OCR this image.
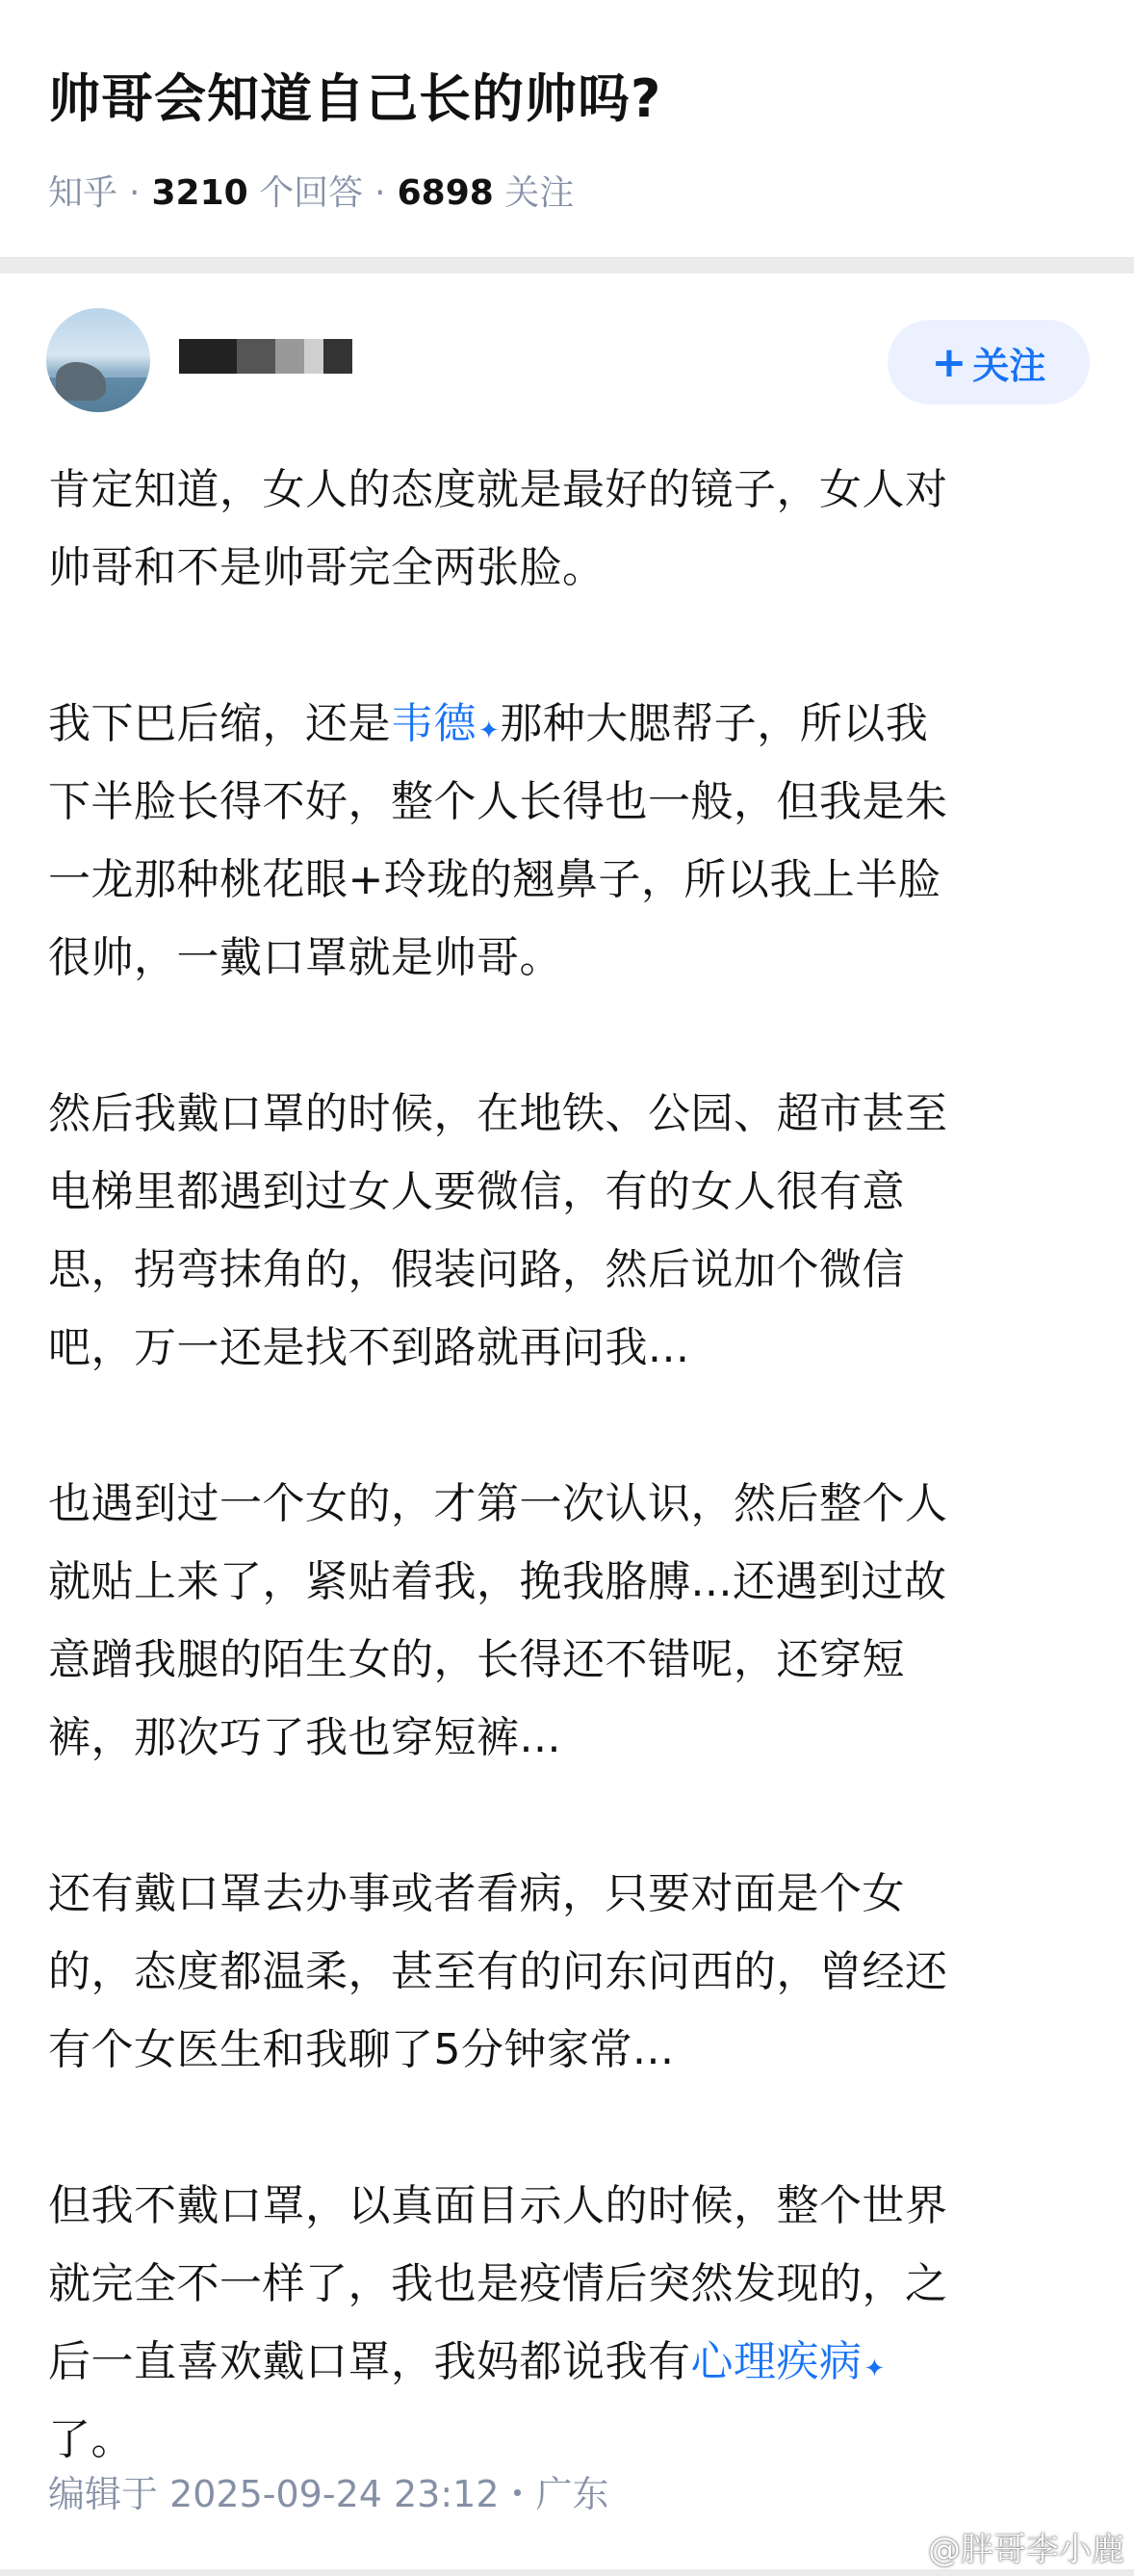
帅哥会知道自己长的帅吗?
知乎 · 3210 个回答 · 6898 关注
+ 关注
肯定知道，女人的态度就是最好的镜子，女人对
帅哥和不是帅哥完全两张脸。
我下巴后缩，还是韦德✦那种大腮帮子，所以我
下半脸长得不好，整个人长得也一般，但我是朱
一龙那种桃花眼+玲珑的翘鼻子，所以我上半脸
很帅，一戴口罩就是帅哥。
然后我戴口罩的时候，在地铁、公园、超市甚至
电梯里都遇到过女人要微信，有的女人很有意
思，拐弯抹角的，假装问路，然后说加个微信
吧，万一还是找不到路就再问我...
也遇到过一个女的，才第一次认识，然后整个人
就贴上来了，紧贴着我，挽我胳膊...还遇到过故
意蹭我腿的陌生女的，长得还不错呢，还穿短
裤，那次巧了我也穿短裤...
还有戴口罩去办事或者看病，只要对面是个女
的，态度都温柔，甚至有的问东问西的，曾经还
有个女医生和我聊了5分钟家常...
但我不戴口罩，以真面目示人的时候，整个世界
就完全不一样了，我也是疫情后突然发现的，之
后一直喜欢戴口罩，我妈都说我有心理疾病✦
了。
编辑于 2025-09-24 23:12・广东
@胖哥李小鹿
